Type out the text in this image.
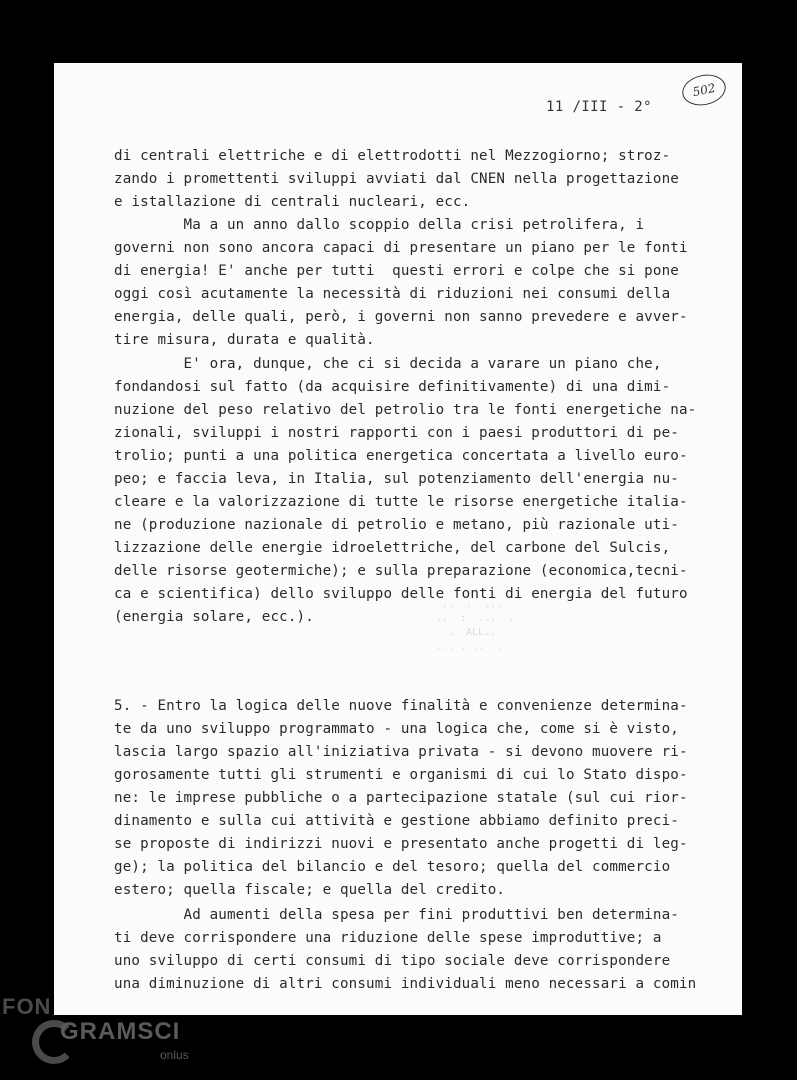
11 /III - 2°
502
..  .  ...
..  :  ...  .
.  ALL..
... . ..  .
di centrali elettriche e di elettrodotti nel Mezzogiorno; stroz-
zando i promettenti sviluppi avviati dal CNEN nella progettazione
e istallazione di centrali nucleari, ecc.
Ma a un anno dallo scoppio della crisi petrolifera, i
governi non sono ancora capaci di presentare un piano per le fonti
di energia! E' anche per tutti  questi errori e colpe che si pone
oggi così acutamente la necessità di riduzioni nei consumi della
energia, delle quali, però, i governi non sanno prevedere e avver-
tire misura, durata e qualità.
E' ora, dunque, che ci si decida a varare un piano che,
fondandosi sul fatto (da acquisire definitivamente) di una dimi-
nuzione del peso relativo del petrolio tra le fonti energetiche na-
zionali, sviluppi i nostri rapporti con i paesi produttori di pe-
trolio; punti a una politica energetica concertata a livello euro-
peo; e faccia leva, in Italia, sul potenziamento dell'energia nu-
cleare e la valorizzazione di tutte le risorse energetiche italia-
ne (produzione nazionale di petrolio e metano, più razionale uti-
lizzazione delle energie idroelettriche, del carbone del Sulcis,
delle risorse geotermiche); e sulla preparazione (economica,tecni-
ca e scientifica) dello sviluppo delle fonti di energia del futuro
(energia solare, ecc.).
5. - Entro la logica delle nuove finalità e convenienze determina-
te da uno sviluppo programmato - una logica che, come si è visto,
lascia largo spazio all'iniziativa privata - si devono muovere ri-
gorosamente tutti gli strumenti e organismi di cui lo Stato dispo-
ne: le imprese pubbliche o a partecipazione statale (sul cui rior-
dinamento e sulla cui attività e gestione abbiamo definito preci-
se proposte di indirizzi nuovi e presentato anche progetti di leg-
ge); la politica del bilancio e del tesoro; quella del commercio
estero; quella fiscale; e quella del credito.
Ad aumenti della spesa per fini produttivi ben determina-
ti deve corrispondere una riduzione delle spese improduttive; a
uno sviluppo di certi consumi di tipo sociale deve corrispondere
una diminuzione di altri consumi individuali meno necessari a comin
FON
GRAMSCI
onlus
